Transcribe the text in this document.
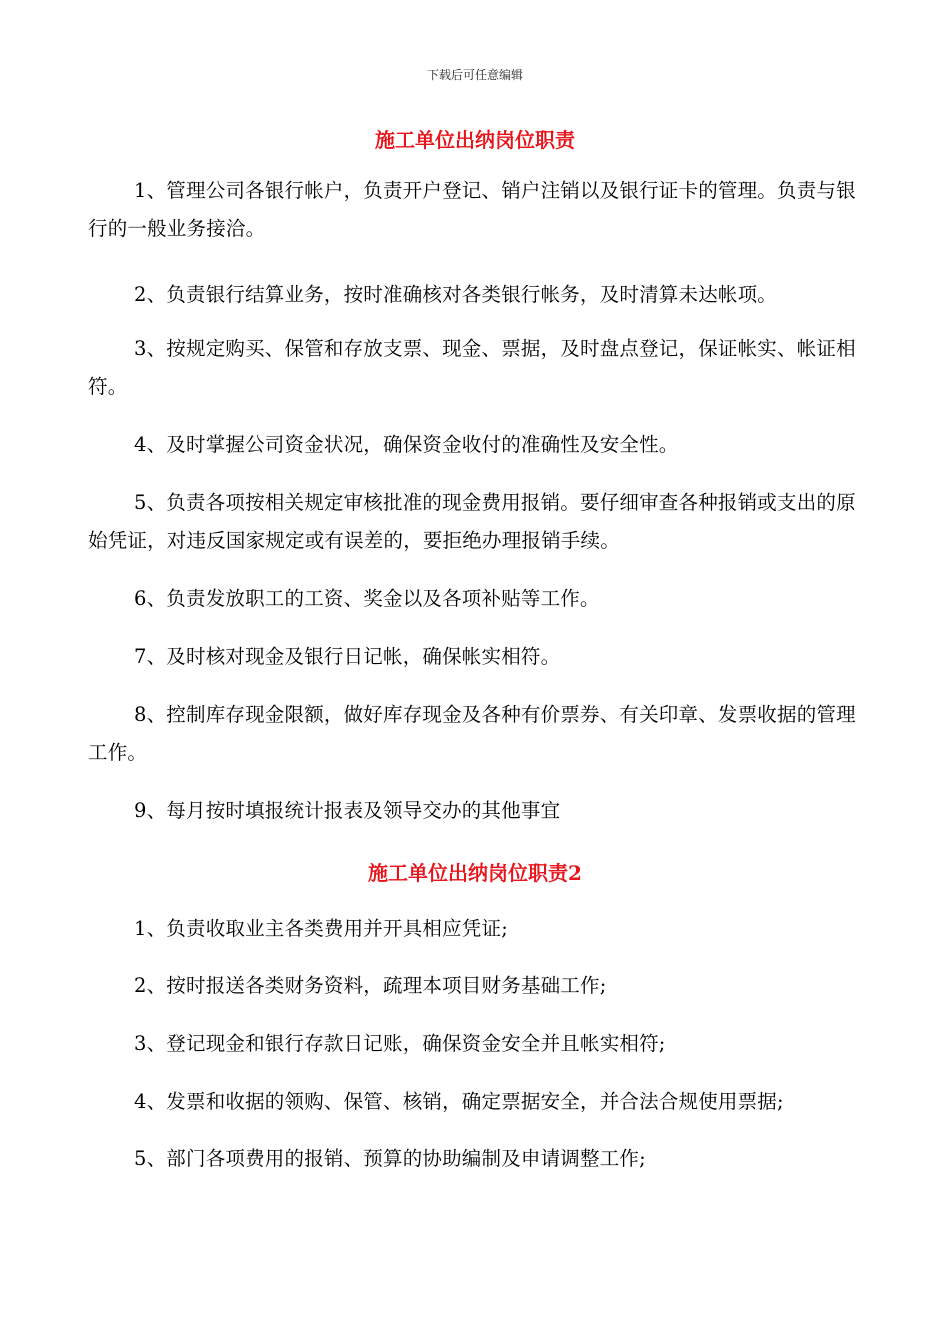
下载后可任意编辑
施工单位出纳岗位职责

1、管理公司各银行帐户，负责开户登记、销户注销以及银行证卡的管理。负责与银行的一般业务接洽。

2、负责银行结算业务，按时准确核对各类银行帐务，及时清算未达帐项。

3、按规定购买、保管和存放支票、现金、票据，及时盘点登记，保证帐实、帐证相符。

4、及时掌握公司资金状况，确保资金收付的准确性及安全性。

5、负责各项按相关规定审核批准的现金费用报销。要仔细审查各种报销或支出的原始凭证，对违反国家规定或有误差的，要拒绝办理报销手续。

6、负责发放职工的工资、奖金以及各项补贴等工作。

7、及时核对现金及银行日记帐，确保帐实相符。

8、控制库存现金限额，做好库存现金及各种有价票券、有关印章、发票收据的管理工作。

9、每月按时填报统计报表及领导交办的其他事宜

施工单位出纳岗位职责2

1、负责收取业主各类费用并开具相应凭证;

2、按时报送各类财务资料，疏理本项目财务基础工作;

3、登记现金和银行存款日记账，确保资金安全并且帐实相符;

4、发票和收据的领购、保管、核销，确定票据安全，并合法合规使用票据;

5、部门各项费用的报销、预算的协助编制及申请调整工作;
